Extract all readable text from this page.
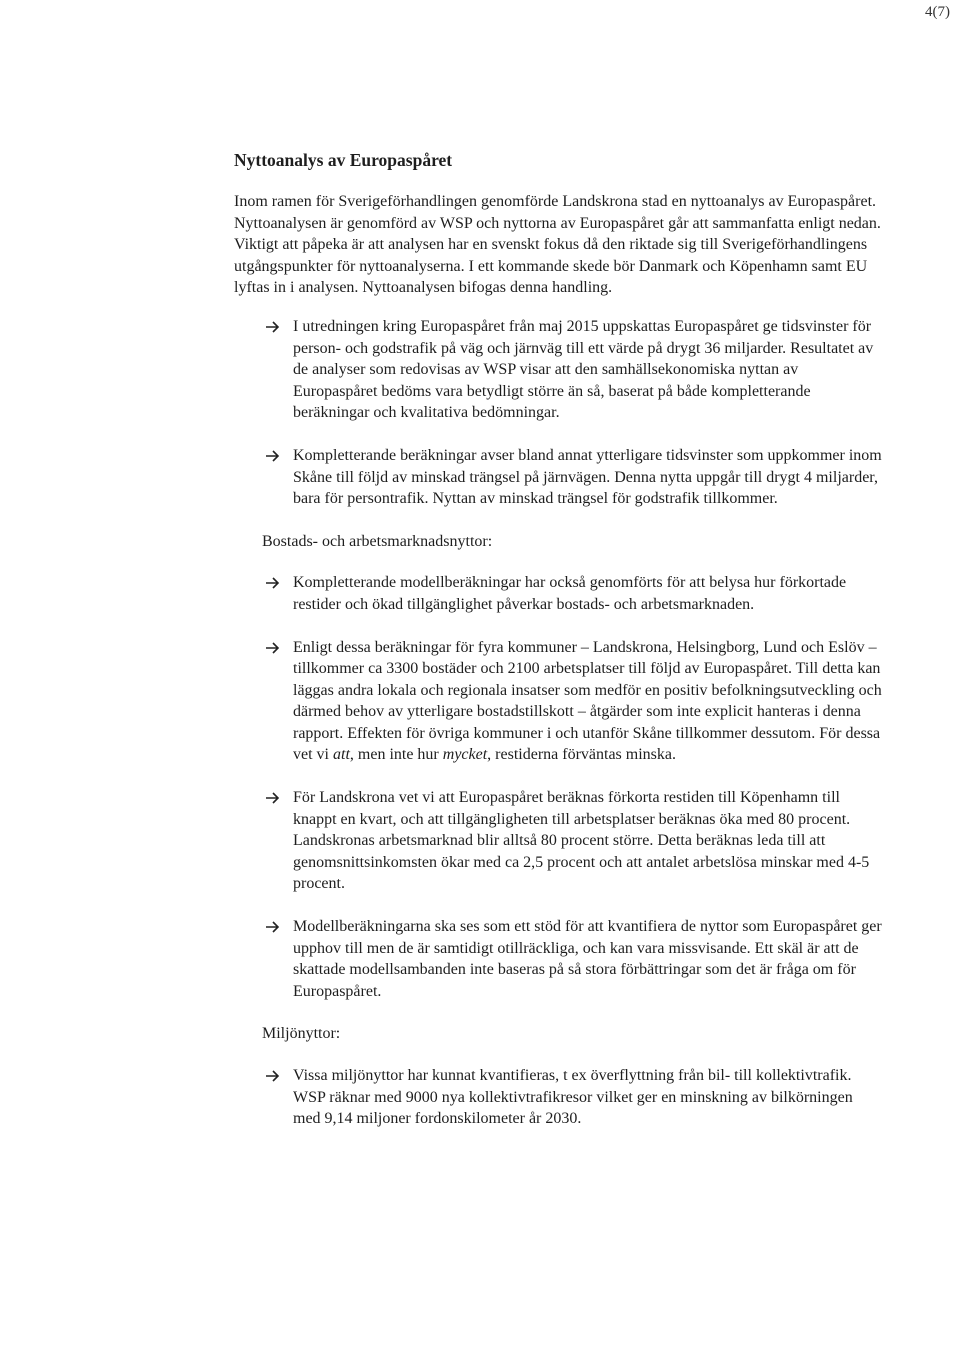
4(7)
Nyttoanalys av Europaspåret

Inom ramen för Sverigeförhandlingen genomförde Landskrona stad en nyttoanalys av Europaspåret. Nyttoanalysen är genomförd av WSP och nyttorna av Europaspåret går att sammanfatta enligt nedan. Viktigt att påpeka är att analysen har en svenskt fokus då den riktade sig till Sverigeförhandlingens utgångspunkter för nyttoanalyserna. I ett kommande skede bör Danmark och Köpenhamn samt EU lyftas in i analysen. Nyttoanalysen bifogas denna handling.

I utredningen kring Europaspåret från maj 2015 uppskattas Europaspåret ge tidsvinster för person- och godstrafik på väg och järnväg till ett värde på drygt 36 miljarder. Resultatet av de analyser som redovisas av WSP visar att den samhällsekonomiska nyttan av Europaspåret bedöms vara betydligt större än så, baserat på både kompletterande beräkningar och kvalitativa bedömningar.
Kompletterande beräkningar avser bland annat ytterligare tidsvinster som uppkommer inom Skåne till följd av minskad trängsel på järnvägen. Denna nytta uppgår till drygt 4 miljarder, bara för persontrafik. Nyttan av minskad trängsel för godstrafik tillkommer.
Bostads- och arbetsmarknadsnyttor:
Kompletterande modellberäkningar har också genomförts för att belysa hur förkortade restider och ökad tillgänglighet påverkar bostads- och arbetsmarknaden.
Enligt dessa beräkningar för fyra kommuner – Landskrona, Helsingborg, Lund och Eslöv – tillkommer ca 3300 bostäder och 2100 arbetsplatser till följd av Europaspåret. Till detta kan läggas andra lokala och regionala insatser som medför en positiv befolkningsutveckling och därmed behov av ytterligare bostadstillskott – åtgärder som inte explicit hanteras i denna rapport. Effekten för övriga kommuner i och utanför Skåne tillkommer dessutom. För dessa vet vi att, men inte hur mycket, restiderna förväntas minska.
För Landskrona vet vi att Europaspåret beräknas förkorta restiden till Köpenhamn till knappt en kvart, och att tillgängligheten till arbetsplatser beräknas öka med 80 procent. Landskronas arbetsmarknad blir alltså 80 procent större. Detta beräknas leda till att genomsnittsinkomsten ökar med ca 2,5 procent och att antalet arbetslösa minskar med 4-5 procent.
Modellberäkningarna ska ses som ett stöd för att kvantifiera de nyttor som Europaspåret ger upphov till men de är samtidigt otillräckliga, och kan vara missvisande. Ett skäl är att de skattade modellsambanden inte baseras på så stora förbättringar som det är fråga om för Europaspåret.
Miljönyttor:
Vissa miljönyttor har kunnat kvantifieras, t ex överflyttning från bil- till kollektivtrafik. WSP räknar med 9000 nya kollektivtrafikresor vilket ger en minskning av bilkörningen med 9,14 miljoner fordonskilometer år 2030.
